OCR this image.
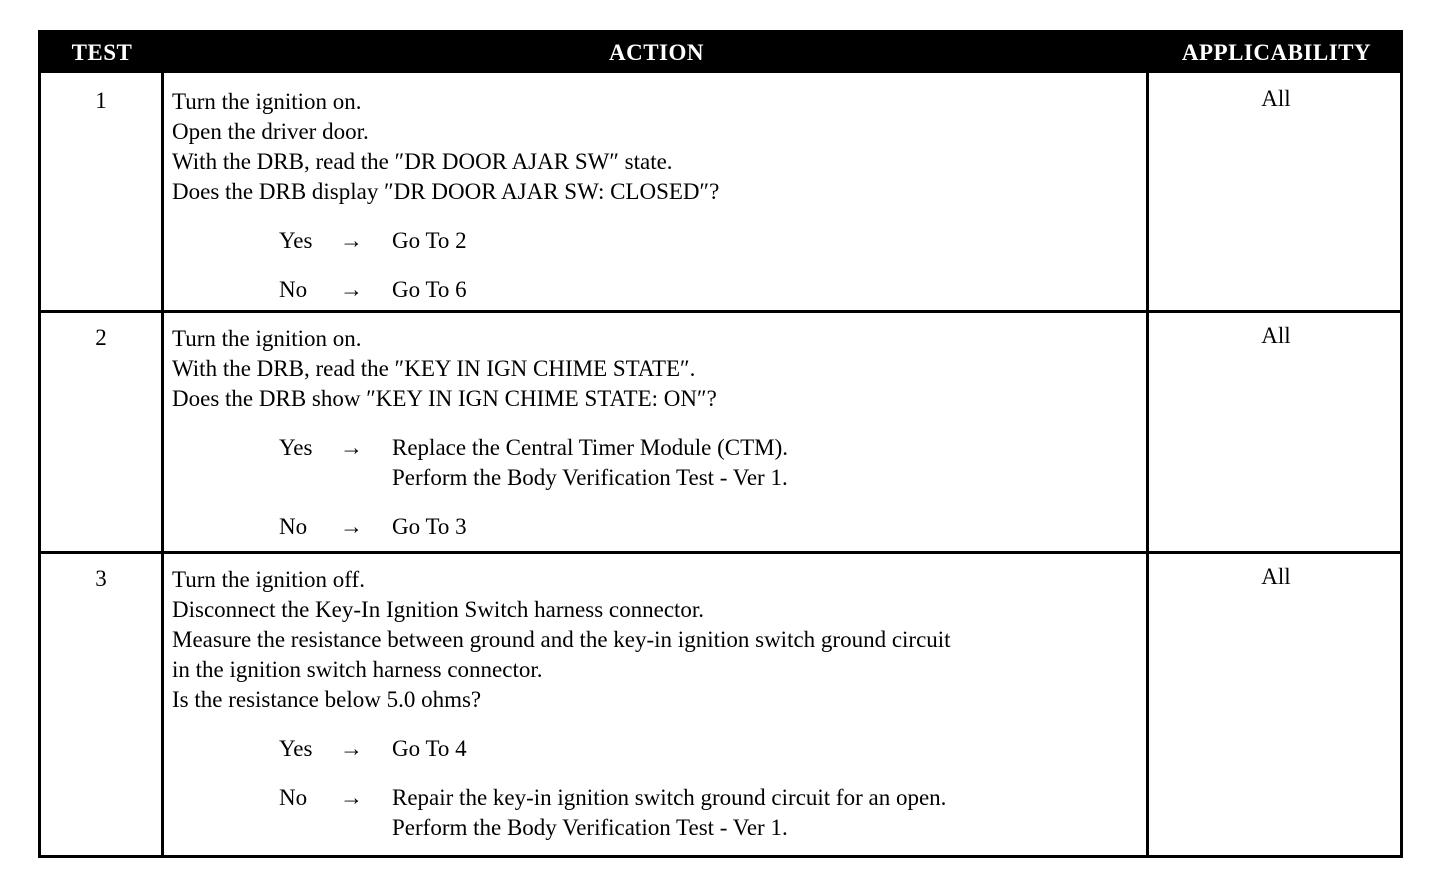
TEST	ACTION	APPLICABILITY
1	Turn the ignition on.
Open the driver door.
With the DRB, read the ″DR DOOR AJAR SW″ state.
Does the DRB display ″DR DOOR AJAR SW: CLOSED″?
Yes → Go To 2
No → Go To 6
All
2	Turn the ignition on.
With the DRB, read the ″KEY IN IGN CHIME STATE″.
Does the DRB show ″KEY IN IGN CHIME STATE: ON″?
Yes → Replace the Central Timer Module (CTM).
Perform the Body Verification Test - Ver 1.
No → Go To 3
All
3	Turn the ignition off.
Disconnect the Key-In Ignition Switch harness connector.
Measure the resistance between ground and the key-in ignition switch ground circuit
in the ignition switch harness connector.
Is the resistance below 5.0 ohms?
Yes → Go To 4
No → Repair the key-in ignition switch ground circuit for an open.
Perform the Body Verification Test - Ver 1.
All
